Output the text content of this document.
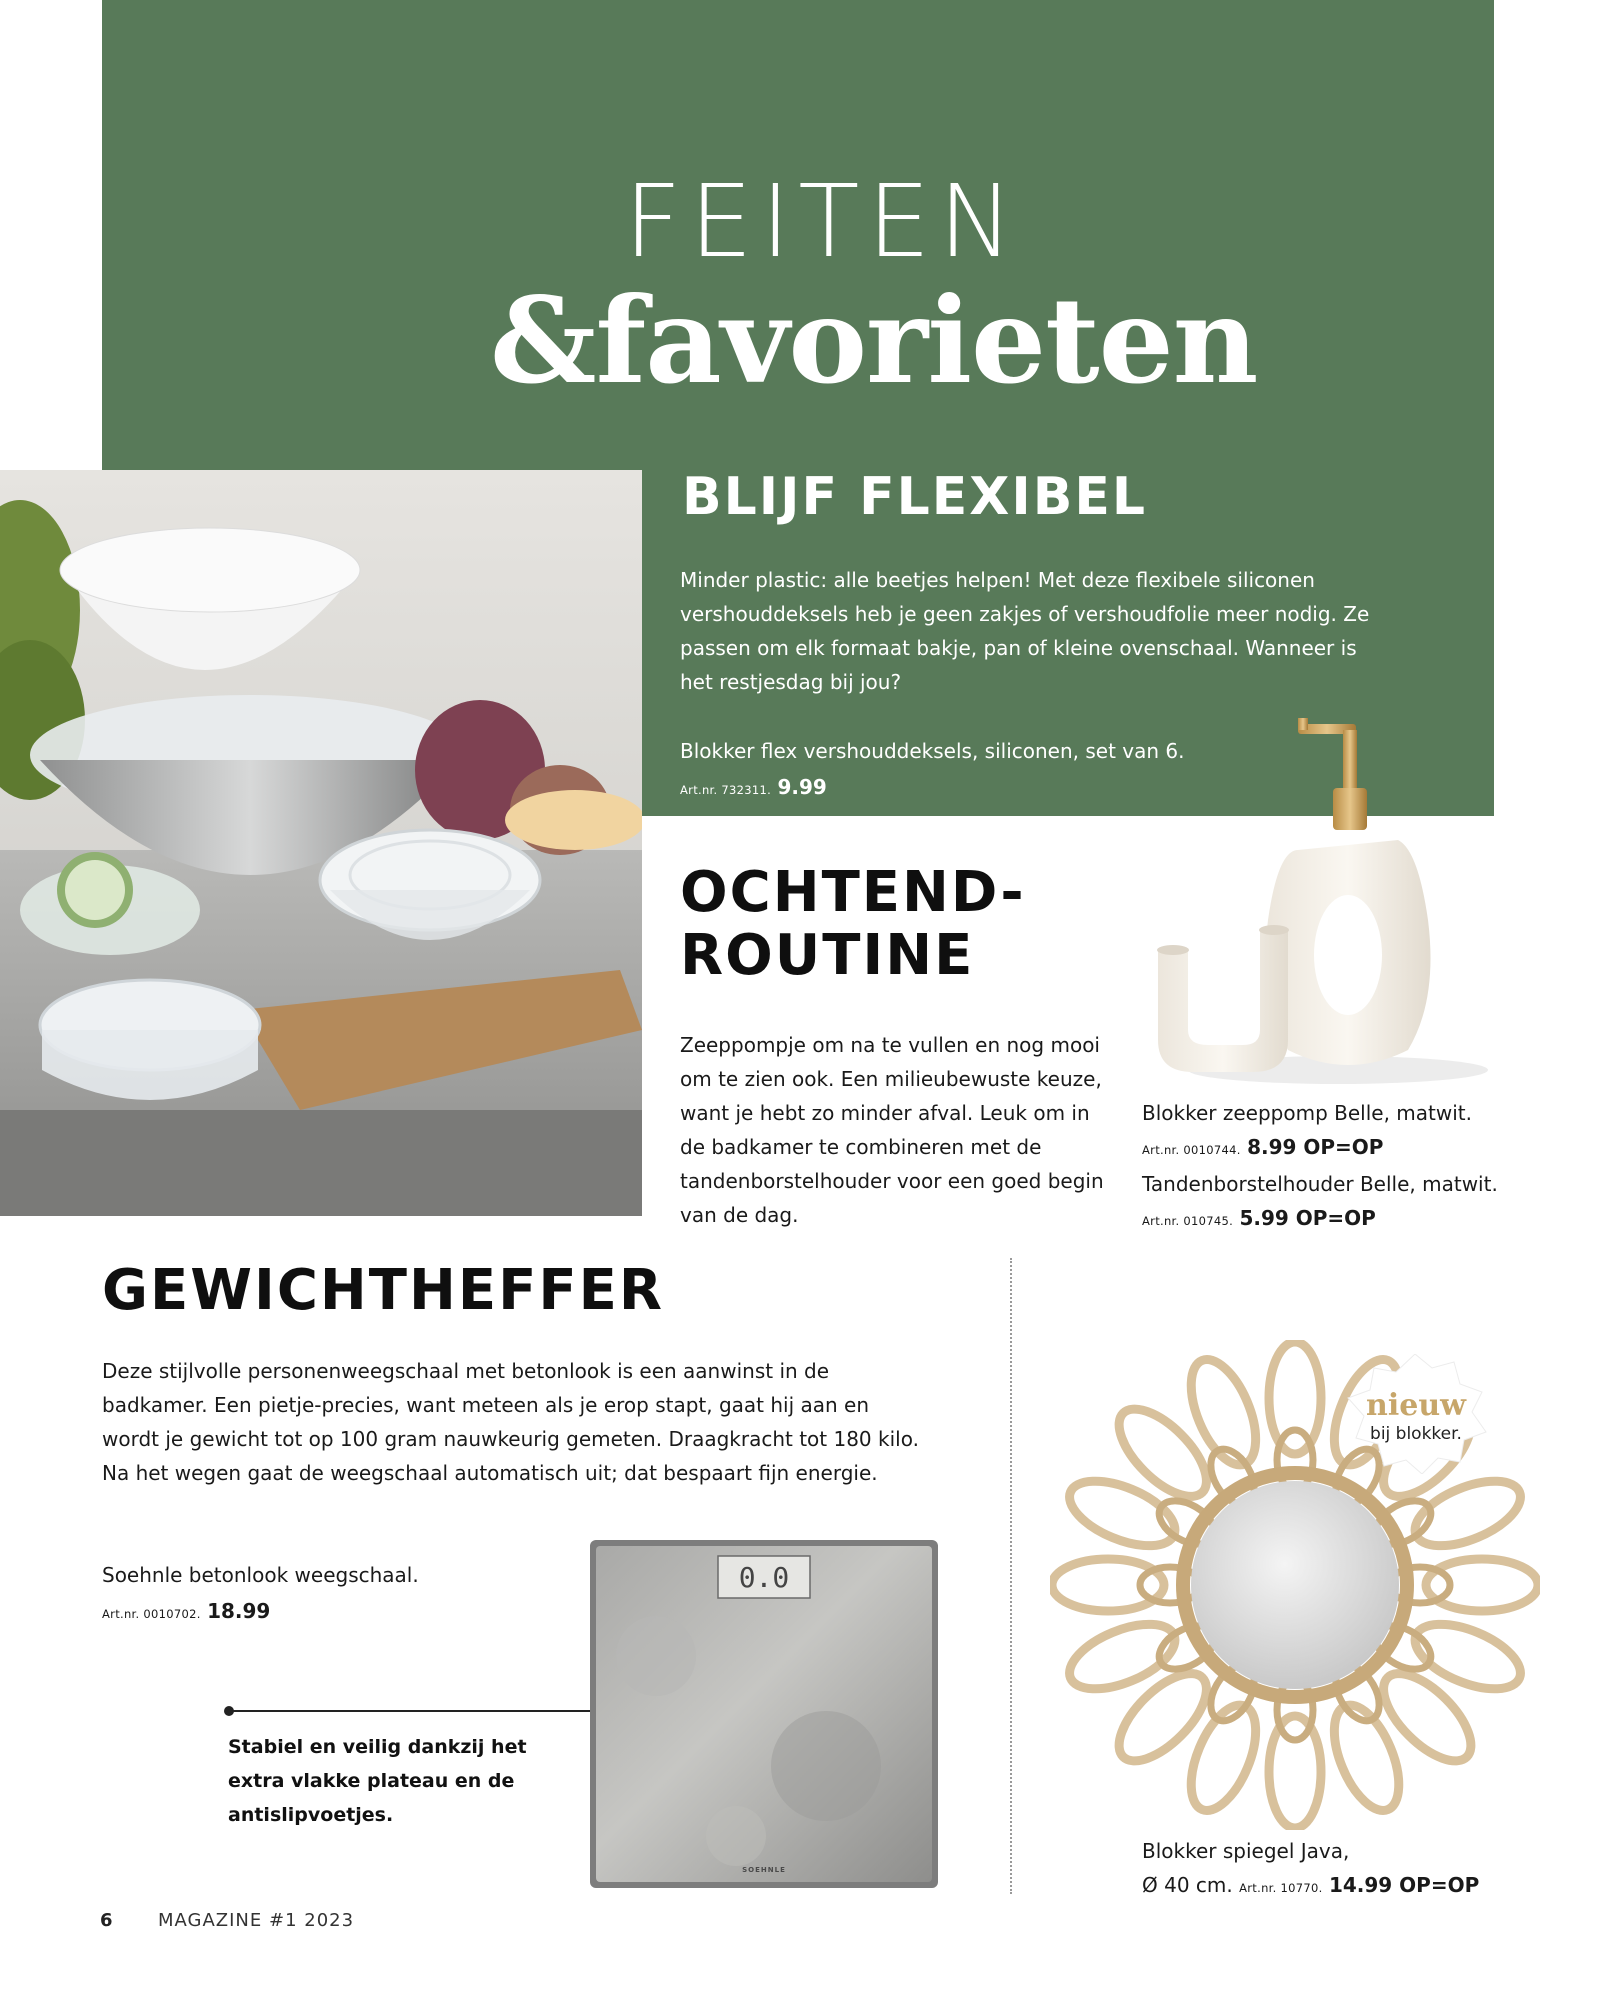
FEITEN
&favorieten
BLIJF FLEXIBEL
Minder plastic: alle beetjes helpen! Met deze flexibele siliconen vershouddeksels heb je geen zakjes of vershoudfolie meer nodig. Ze passen om elk formaat bakje, pan of kleine ovenschaal. Wanneer is het restjesdag bij jou?
Blokker flex vershouddeksels, siliconen, set van 6.
Art.nr. 732311. 9.99
OCHTEND-
ROUTINE
Zeeppompje om na te vullen en nog mooi om te zien ook. Een milieubewuste keuze, want je hebt zo minder afval. Leuk om in de badkamer te combineren met de tandenborstelhouder voor een goed begin van de dag.
Blokker zeeppomp Belle, matwit.
Art.nr. 0010744. 8.99 OP=OP
Tandenborstelhouder Belle, matwit.
Art.nr. 010745. 5.99 OP=OP
GEWICHTHEFFER
Deze stijlvolle personenweegschaal met betonlook is een aanwinst in de badkamer. Een pietje-precies, want meteen als je erop stapt, gaat hij aan en wordt je gewicht tot op 100 gram nauwkeurig gemeten. Draagkracht tot 180 kilo. Na het wegen gaat de weegschaal automatisch uit; dat bespaart fijn energie.
Soehnle betonlook weegschaal.
Art.nr. 0010702. 18.99
Stabiel en veilig dankzij het extra vlakke plateau en de antislipvoetjes.
0.0
SOEHNLE
nieuw
bij blokker.
Blokker spiegel Java,
Ø 40 cm. Art.nr. 10770. 14.99 OP=OP
6	MAGAZINE #1 2023
